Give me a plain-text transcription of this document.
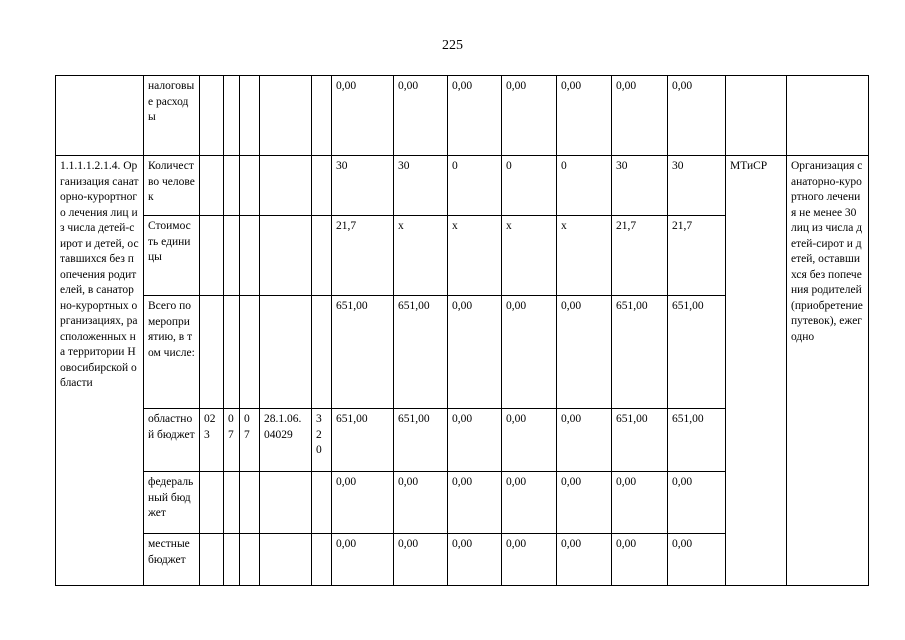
225
	налоговые расходы						0,00	0,00	0,00	0,00	0,00	0,00	0,00		
1.1.1.1.2.1.4. Организация санаторно-курортного лечения лиц из числа детей-сирот и детей, оставшихся без попечения родителей, в санаторно-курортных организациях, расположенных на территории Новосибирской области	Количество человек						30	30	0	0	0	30	30	МТиСР	Организация санаторно-курортного лечения не менее 30 лиц из числа детей-сирот и детей, оставшихся без попечения родителей (приобретение путевок), ежегодно
	Стоимость единицы						21,7	х	х	х	х	21,7	21,7		
	Всего по мероприятию, в том числе:						651,00	651,00	0,00	0,00	0,00	651,00	651,00		
	областной бюджет	023	07	07	28.1.06.04029	320	651,00	651,00	0,00	0,00	0,00	651,00	651,00		
	федеральный бюджет						0,00	0,00	0,00	0,00	0,00	0,00	0,00		
	местные бюджет						0,00	0,00	0,00	0,00	0,00	0,00	0,00		
